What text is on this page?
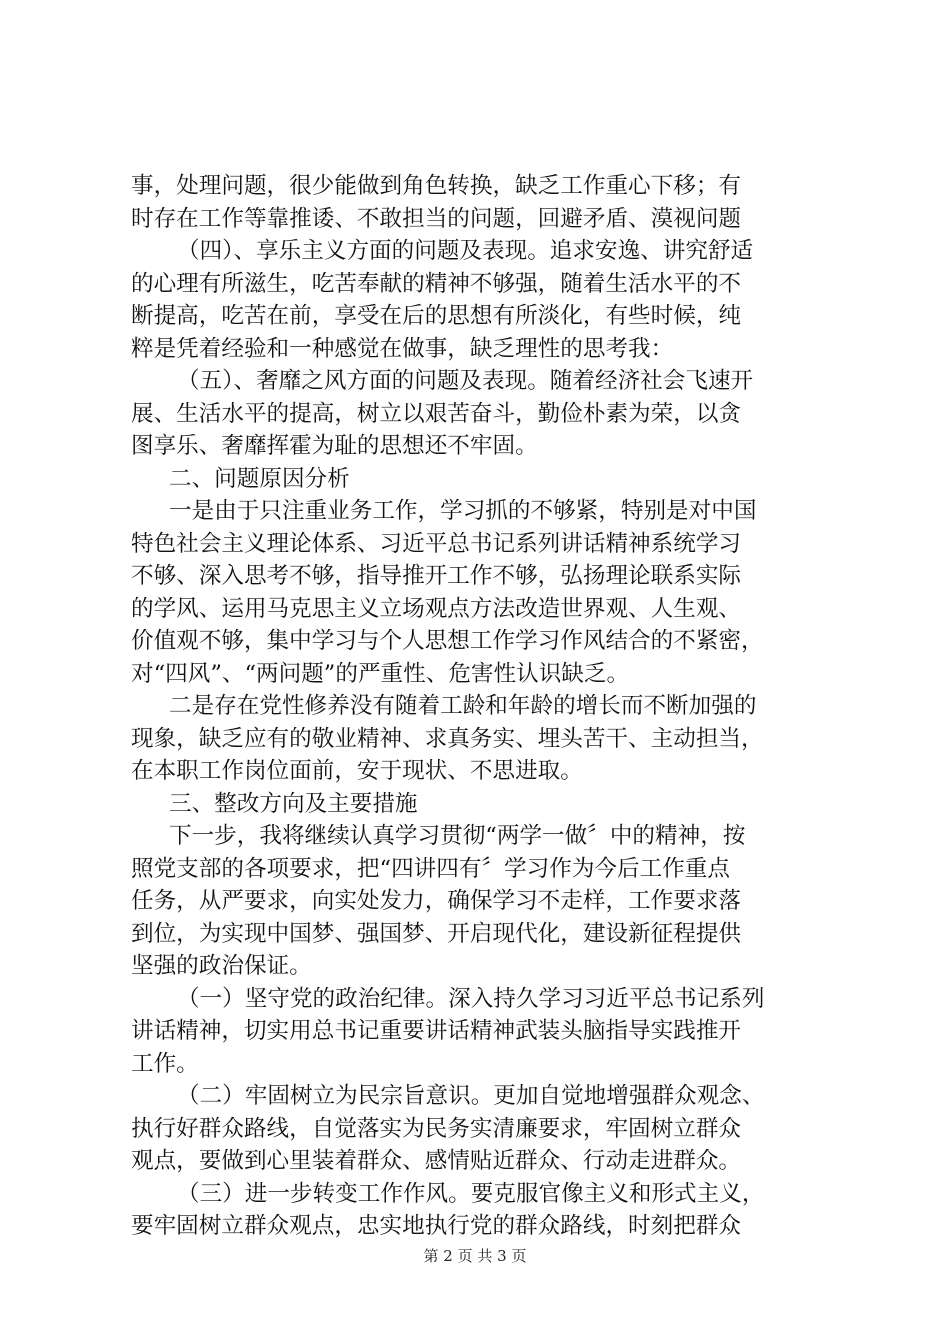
事，处理问题，很少能做到角色转换，缺乏工作重心下移；有
时存在工作等靠推诿、不敢担当的问题，回避矛盾、漠视问题
（四）、享乐主义方面的问题及表现。追求安逸、讲究舒适
的心理有所滋生，吃苦奉献的精神不够强，随着生活水平的不
断提高，吃苦在前，享受在后的思想有所淡化，有些时候，纯
粹是凭着经验和一种感觉在做事，缺乏理性的思考我：
（五）、奢靡之风方面的问题及表现。随着经济社会飞速开
展、生活水平的提高，树立以艰苦奋斗，勤俭朴素为荣，以贪
图享乐、奢靡挥霍为耻的思想还不牢固。
二、问题原因分析
一是由于只注重业务工作，学习抓的不够紧，特别是对中国
特色社会主义理论体系、习近平总书记系列讲话精神系统学习
不够、深入思考不够，指导推开工作不够，弘扬理论联系实际
的学风、运用马克思主义立场观点方法改造世界观、人生观、
价值观不够，集中学习与个人思想工作学习作风结合的不紧密，
对“四风”、“两问题”的严重性、危害性认识缺乏。
二是存在党性修养没有随着工龄和年龄的增长而不断加强的
现象，缺乏应有的敬业精神、求真务实、埋头苦干、主动担当，
在本职工作岗位面前，安于现状、不思进取。
三、整改方向及主要措施
下一步，我将继续认真学习贯彻“两学一做〞中的精神，按
照党支部的各项要求，把“四讲四有〞学习作为今后工作重点
任务，从严要求，向实处发力，确保学习不走样，工作要求落
到位，为实现中国梦、强国梦、开启现代化，建设新征程提供
坚强的政治保证。
（一）坚守党的政治纪律。深入持久学习习近平总书记系列
讲话精神，切实用总书记重要讲话精神武装头脑指导实践推开
工作。
（二）牢固树立为民宗旨意识。更加自觉地增强群众观念、
执行好群众路线，自觉落实为民务实清廉要求，牢固树立群众
观点，要做到心里装着群众、感情贴近群众、行动走进群众。
（三）进一步转变工作作风。要克服官像主义和形式主义，
要牢固树立群众观点，忠实地执行党的群众路线，时刻把群众
第 2 页 共 3 页
